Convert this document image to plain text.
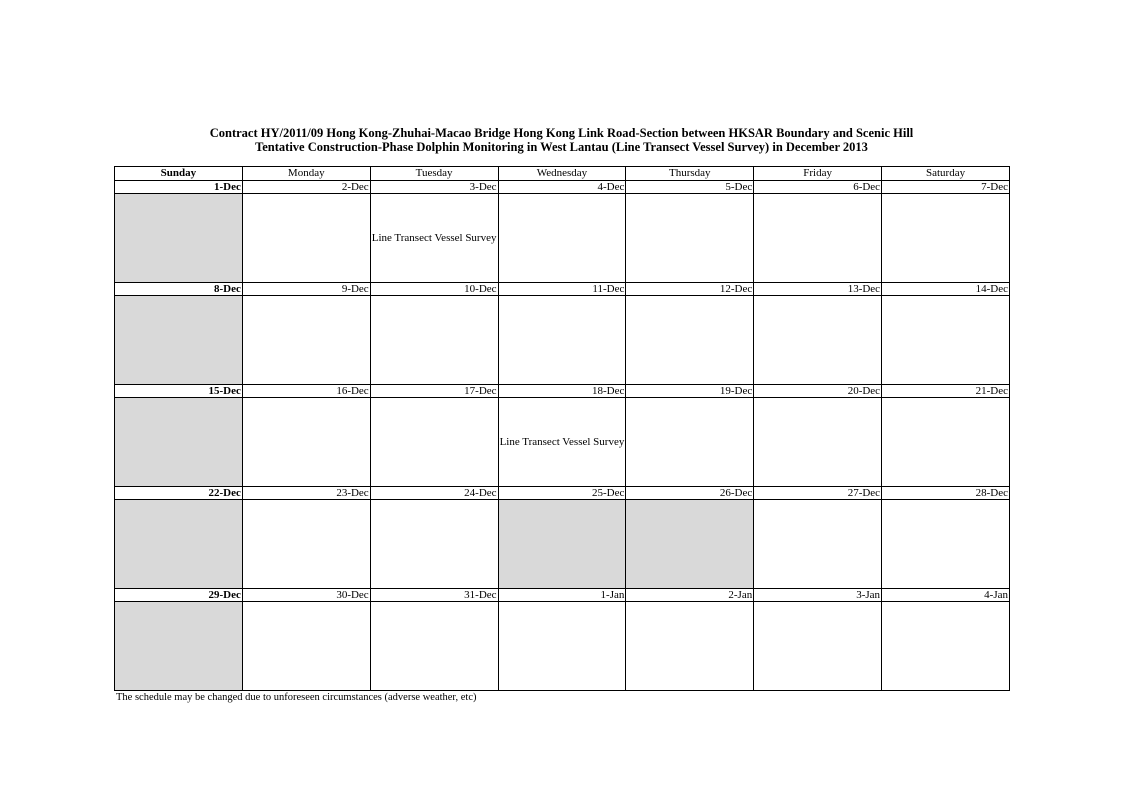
Contract HY/2011/09 Hong Kong-Zhuhai-Macao Bridge Hong Kong Link Road-Section between HKSAR Boundary and Scenic Hill
Tentative Construction-Phase Dolphin Monitoring in West Lantau (Line Transect Vessel Survey) in December 2013
Sunday	Monday	Tuesday	Wednesday	Thursday	Friday	Saturday
1-Dec	2-Dec	3-Dec	4-Dec	5-Dec	6-Dec	7-Dec
		Line Transect Vessel Survey				
8-Dec	9-Dec	10-Dec	11-Dec	12-Dec	13-Dec	14-Dec

15-Dec	16-Dec	17-Dec	18-Dec	19-Dec	20-Dec	21-Dec
			Line Transect Vessel Survey			
22-Dec	23-Dec	24-Dec	25-Dec	26-Dec	27-Dec	28-Dec

29-Dec	30-Dec	31-Dec	1-Jan	2-Jan	3-Jan	4-Jan

The schedule may be changed due to unforeseen circumstances (adverse weather, etc)
